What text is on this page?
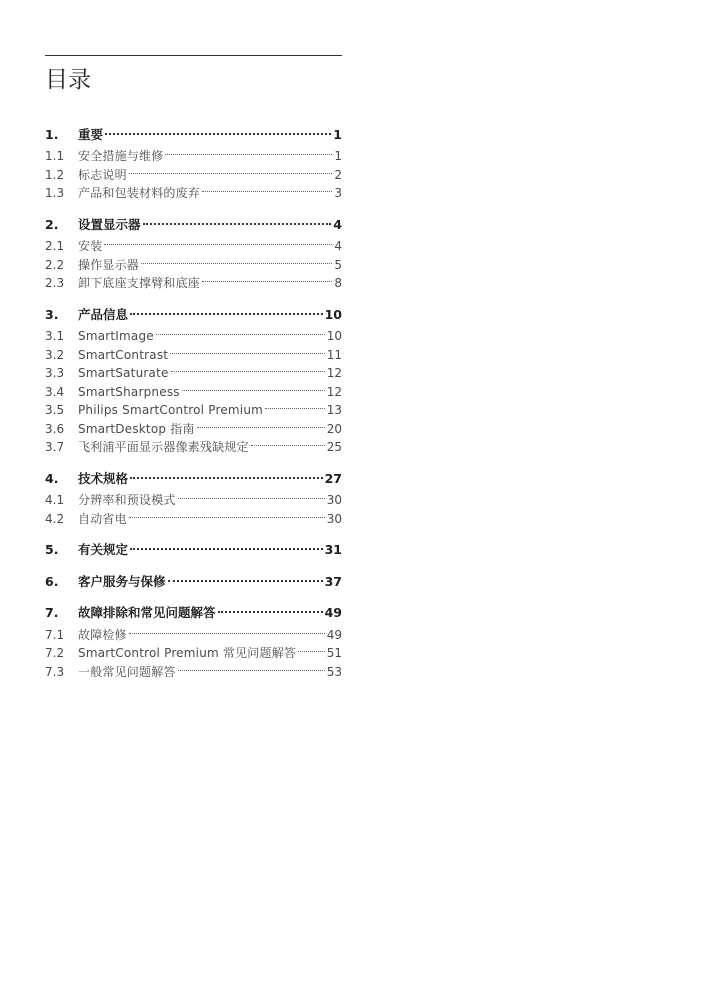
目录
1.	重要	1
1.1	安全措施与维修	1
1.2	标志说明	2
1.3	产品和包装材料的废弃	3
2.	设置显示器	4
2.1	安装	4
2.2	操作显示器	5
2.3	卸下底座支撑臂和底座	8
3.	产品信息	10
3.1	SmartImage	10
3.2	SmartContrast	11
3.3	SmartSaturate	12
3.4	SmartSharpness	12
3.5	Philips SmartControl Premium	13
3.6	SmartDesktop 指南	20
3.7	飞利浦平面显示器像素残缺规定	25
4.	技术规格	27
4.1	分辨率和预设模式	30
4.2	自动省电	30
5.	有关规定	31
6.	客户服务与保修	37
7.	故障排除和常见问题解答	49
7.1	故障检修	49
7.2	SmartControl Premium 常见问题解答	51
7.3	一般常见问题解答	53
